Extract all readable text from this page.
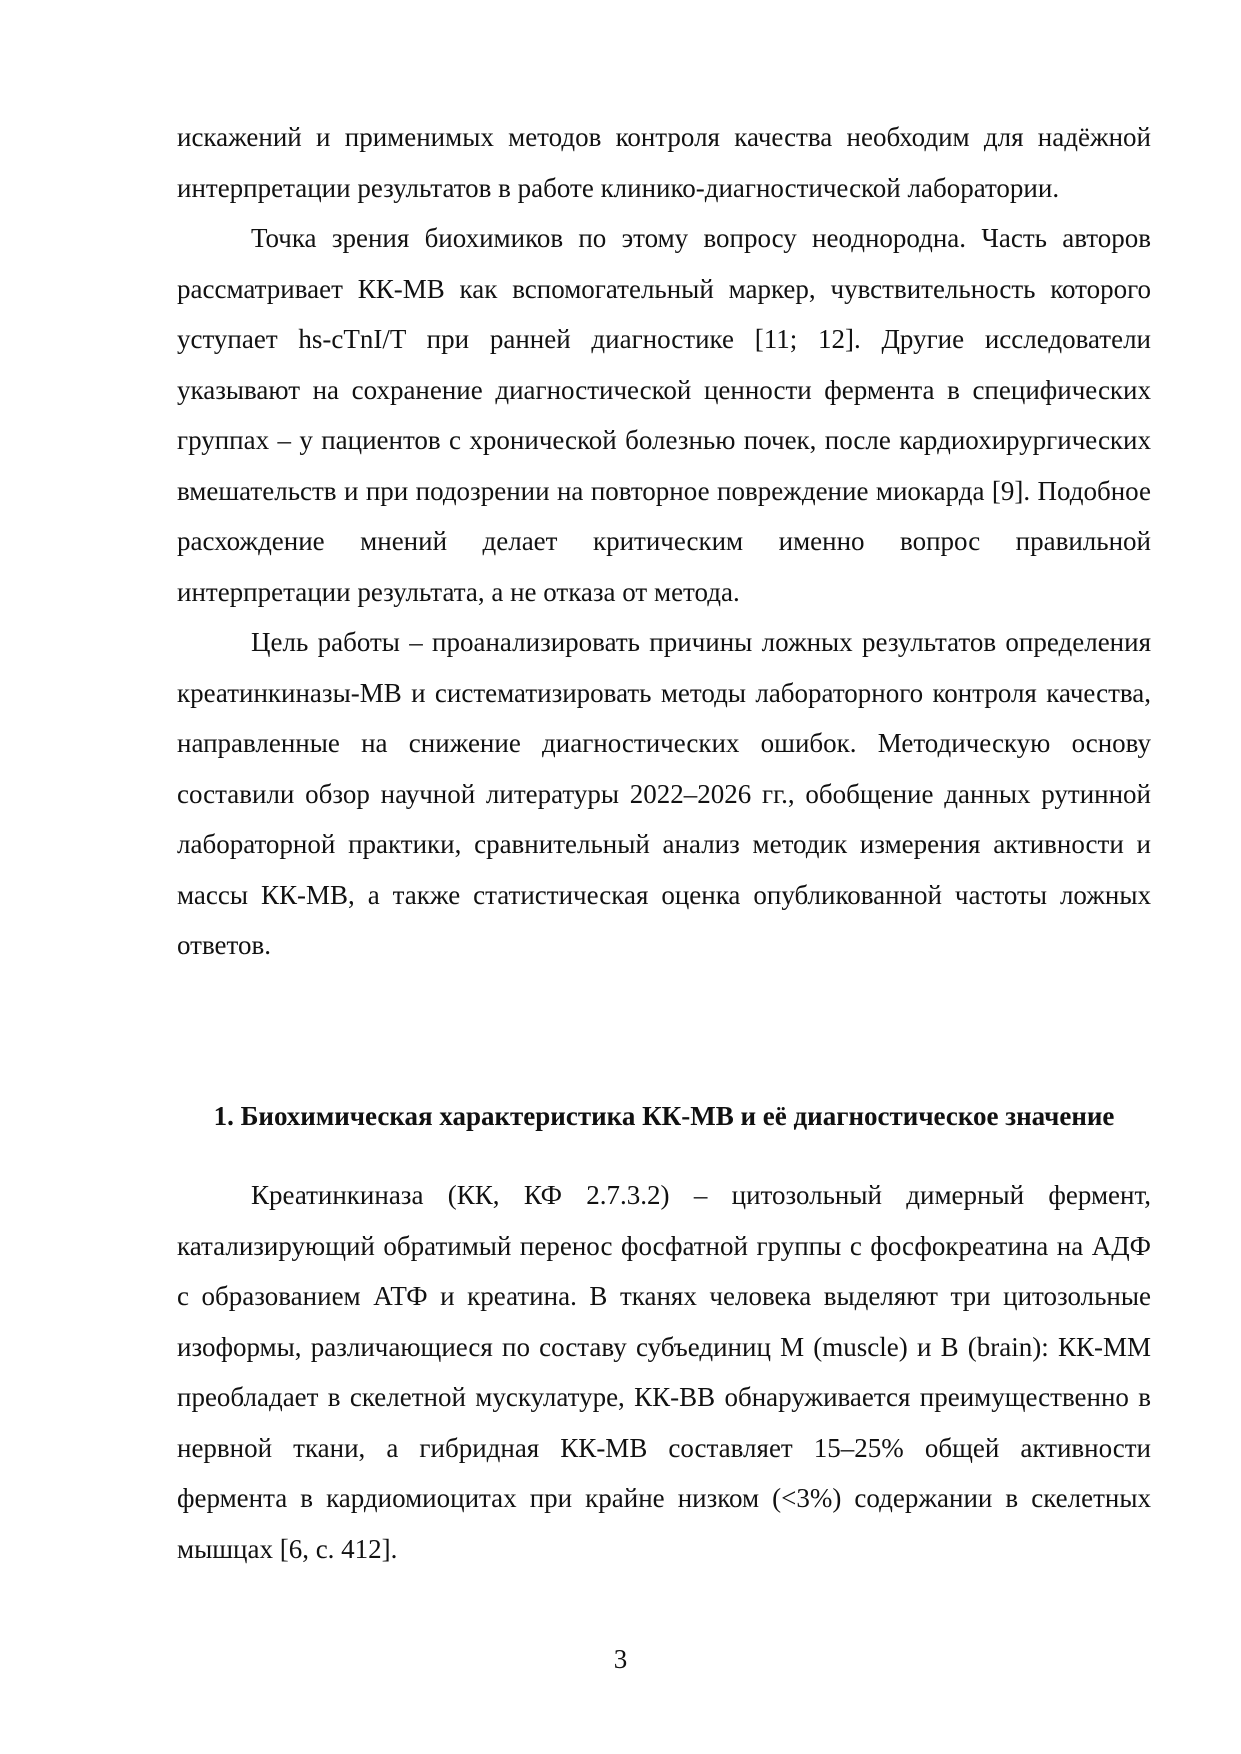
искажений и применимых методов контроля качества необходим для надёжной интерпретации результатов в работе клинико-диагностической лаборатории.

Точка зрения биохимиков по этому вопросу неоднородна. Часть авторов рассматривает КК-МВ как вспомогательный маркер, чувствительность которого уступает hs-cTnI/T при ранней диагностике [11; 12]. Другие исследователи указывают на сохранение диагностической ценности фермента в специфических группах – у пациентов с хронической болезнью почек, после кардиохирургических вмешательств и при подозрении на повторное повреждение миокарда [9]. Подобное расхождение мнений делает критическим именно вопрос правильной интерпретации результата, а не отказа от метода.

Цель работы – проанализировать причины ложных результатов определения креатинкиназы-МВ и систематизировать методы лабораторного контроля качества, направленные на снижение диагностических ошибок. Методическую основу составили обзор научной литературы 2022–2026 гг., обобщение данных рутинной лабораторной практики, сравнительный анализ методик измерения активности и массы КК-МВ, а также статистическая оценка опубликованной частоты ложных ответов.

1. Биохимическая характеристика КК-МВ и её диагностическое значение

Креатинкиназа (КК, КФ 2.7.3.2) – цитозольный димерный фермент, катализирующий обратимый перенос фосфатной группы с фосфокреатина на АДФ с образованием АТФ и креатина. В тканях человека выделяют три цитозольные изоформы, различающиеся по составу субъединиц М (muscle) и В (brain): КК-ММ преобладает в скелетной мускулатуре, КК-ВВ обнаруживается преимущественно в нервной ткани, а гибридная КК-МВ составляет 15–25% общей активности фермента в кардиомиоцитах при крайне низком (<3%) содержании в скелетных мышцах [6, с. 412].

3
